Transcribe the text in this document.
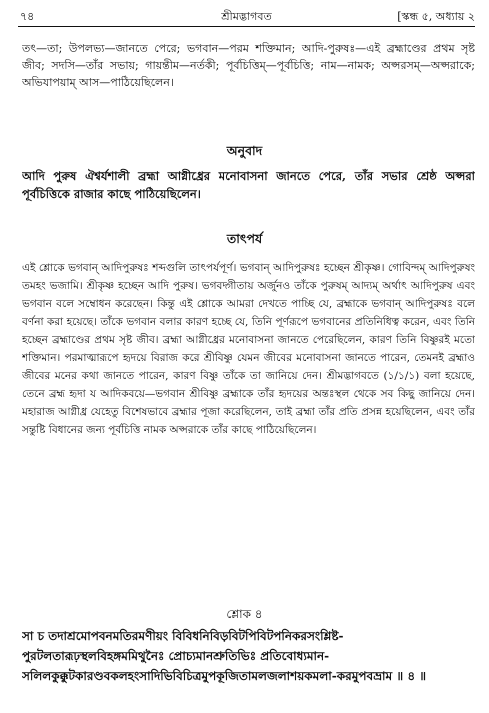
৭৪	শ্রীমদ্ভাগবত	[স্কন্ধ ৫, অধ্যায় ২
তৎ—তা; উপলভ্য—জানতে পেরে; ভগবান—পরম শক্তিমান; আদি-পুরুষঃ—এই ব্রহ্মাণ্ডের প্রথম সৃষ্ট জীব; সদসি—তাঁর সভায়; গায়ন্তীম—নর্তকী; পূর্বচিত্তিম্—পূর্বচিত্তি; নাম—নামক; অপ্সরসম্—অপ্সরাকে; অভিযাপয়াম্ আস—পাঠিয়েছিলেন।
অনুবাদ
আদি পুরুষ ঐশ্বর্যশালী ব্রহ্মা আগ্নীধ্রের মনোবাসনা জানতে পেরে, তাঁর সভার শ্রেষ্ঠ অপ্সরা পূর্বচিত্তিকে রাজার কাছে পাঠিয়েছিলেন।
তাৎপর্য
এই শ্লোকে ভগবান্ আদিপুরুষঃ শব্দগুলি তাৎপর্যপূর্ণ। ভগবান্ আদিপুরুষঃ হচ্ছেন শ্রীকৃষ্ণ। গোবিন্দম্ আদিপুরুষং তমহং ভজামি। শ্রীকৃষ্ণ হচ্ছেন আদি পুরুষ। ভগবদ্গীতায় অর্জুনও তাঁকে পুরুষম্ আদ্যম্ অর্থাৎ আদিপুরুষ এবং ভগবান বলে সম্বোধন করেছেন। কিন্তু এই শ্লোকে আমরা দেখতে পাচ্ছি যে, ব্রহ্মাকে ভগবান্ আদিপুরুষঃ বলে বর্ণনা করা হয়েছে। তাঁকে ভগবান বলার কারণ হচ্ছে যে, তিনি পূর্ণরূপে ভগবানের প্রতিনিধিত্ব করেন, এবং তিনি হচ্ছেন ব্রহ্মাণ্ডের প্রথম সৃষ্ট জীব। ব্রহ্মা আগ্নীধ্রের মনোবাসনা জানতে পেরেছিলেন, কারণ তিনি বিষ্ণুরই মতো শক্তিমান। পরমাত্মারূপে হৃদয়ে বিরাজ করে শ্রীবিষ্ণু যেমন জীবের মনোবাসনা জানতে পারেন, তেমনই ব্রহ্মাও জীবের মনের কথা জানতে পারেন, কারণ বিষ্ণু তাঁকে তা জানিয়ে দেন। শ্রীমদ্ভাগবতে (১/১/১) বলা হয়েছে, তেনে ব্রহ্ম হৃদা য আদিকবয়ে—ভগবান শ্রীবিষ্ণু ব্রহ্মাকে তাঁর হৃদয়ের অন্তঃস্থল থেকে সব কিছু জানিয়ে দেন। মহারাজ আগ্নীধ্র যেহেতু বিশেষভাবে ব্রহ্মার পূজা করেছিলেন, তাই ব্রহ্মা তাঁর প্রতি প্রসন্ন হয়েছিলেন, এবং তাঁর সন্তুষ্টি বিধানের জন্য পূর্বচিত্তি নামক অপ্সরাকে তাঁর কাছে পাঠিয়েছিলেন।
শ্লোক ৪
সা চ তদাশ্রমোপবনমতিরমণীয়ং বিবিধনিবিড়বিটপিবিটপনিকরসংশ্লিষ্ট-পুরটলতারূঢ়স্থলবিহঙ্গমমিথুনৈঃ প্রোচ্যমানশ্রুতিভিঃ প্রতিবোধ্যমান-সলিলকুক্কুটকারণ্ডবকলহংসাদিভিবিচিত্রমুপকূজিতামলজলাশয়কমলা-করমুপবভ্রাম ॥ ৪ ॥
